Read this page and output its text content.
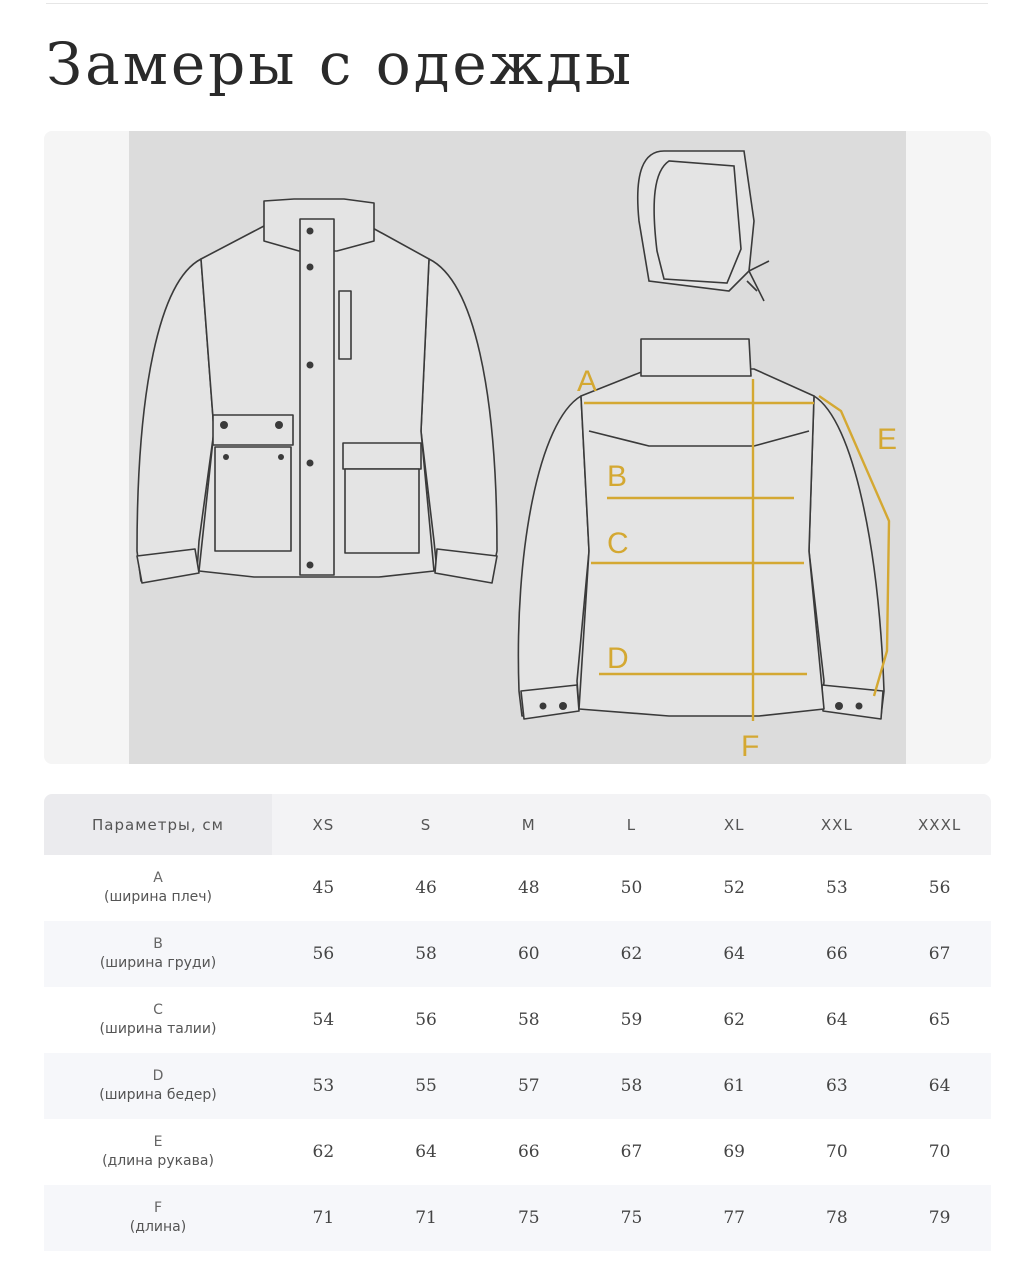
Замеры с одежды
A
B
C
D
E
F
Параметры, см	XS	S	M	L	XL	XXL	XXXL

A
(ширина плеч)	45	46	48	50	52	53	56

B
(ширина груди)	56	58	60	62	64	66	67

C
(ширина талии)	54	56	58	59	62	64	65

D
(ширина бедер)	53	55	57	58	61	63	64

E
(длина рукава)	62	64	66	67	69	70	70

F
(длина)	71	71	75	75	77	78	79
